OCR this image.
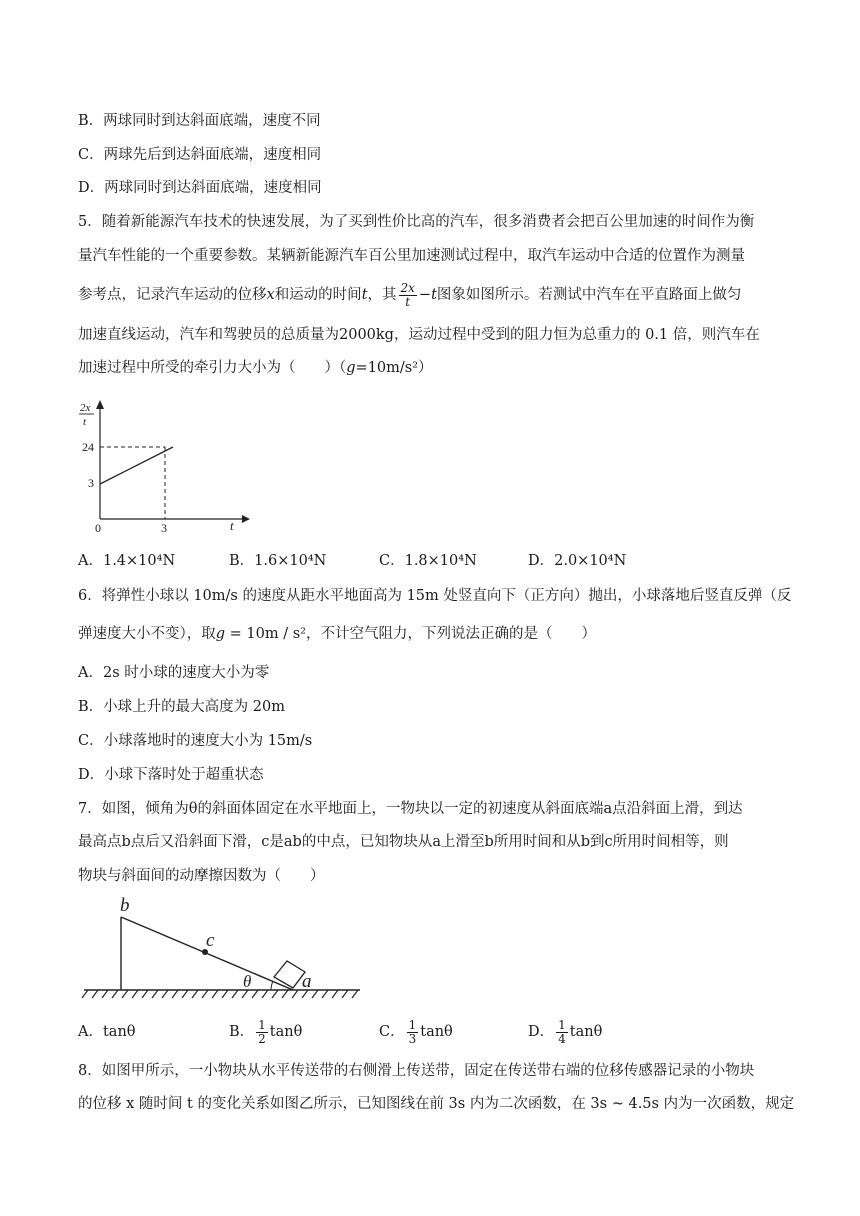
B．两球同时到达斜面底端，速度不同
C．两球先后到达斜面底端，速度相同
D．两球同时到达斜面底端，速度相同
5．随着新能源汽车技术的快速发展，为了买到性价比高的汽车，很多消费者会把百公里加速的时间作为衡
量汽车性能的一个重要参数。某辆新能源汽车百公里加速测试过程中，取汽车运动中合适的位置作为测量
参考点，记录汽车运动的位移x和运动的时间t，其 $\frac{2x}{t} -t$图象如图所示。若测试中汽车在平直路面上做匀
加速直线运动，汽车和驾驶员的总质量为2000kg，运动过程中受到的阻力恒为总重力的 0.1 倍，则汽车在
加速过程中所受的牵引力大小为（　　）（g=10m/s²）
2x
t
24
3
0	3	t
A．1.4×10⁴N	B．1.6×10⁴N	C．1.8×10⁴N	D．2.0×10⁴N
6．将弹性小球以 10m/s 的速度从距水平地面高为 15m 处竖直向下（正方向）抛出，小球落地后竖直反弹（反
弹速度大小不变），取g = 10m / s²，不计空气阻力，下列说法正确的是（　　）
A．2s 时小球的速度大小为零
B．小球上升的最大高度为 20m
C．小球落地时的速度大小为 15m/s
D．小球下落时处于超重状态
7．如图，倾角为θ的斜面体固定在水平地面上，一物块以一定的初速度从斜面底端a点沿斜面上滑，到达
最高点b点后又沿斜面下滑，c是ab的中点，已知物块从a上滑至b所用时间和从b到c所用时间相等，则
物块与斜面间的动摩擦因数为（　　）
b
c
a
θ
A．tanθ	B． $\frac{1}{2}$ tanθ	C． $\frac{1}{3}$ tanθ	D． $\frac{1}{4}$ tanθ
8．如图甲所示，一小物块从水平传送带的右侧滑上传送带，固定在传送带右端的位移传感器记录的小物块
的位移 x 随时间 t 的变化关系如图乙所示，已知图线在前 3s 内为二次函数，在 3s ~ 4.5s 内为一次函数，规定
